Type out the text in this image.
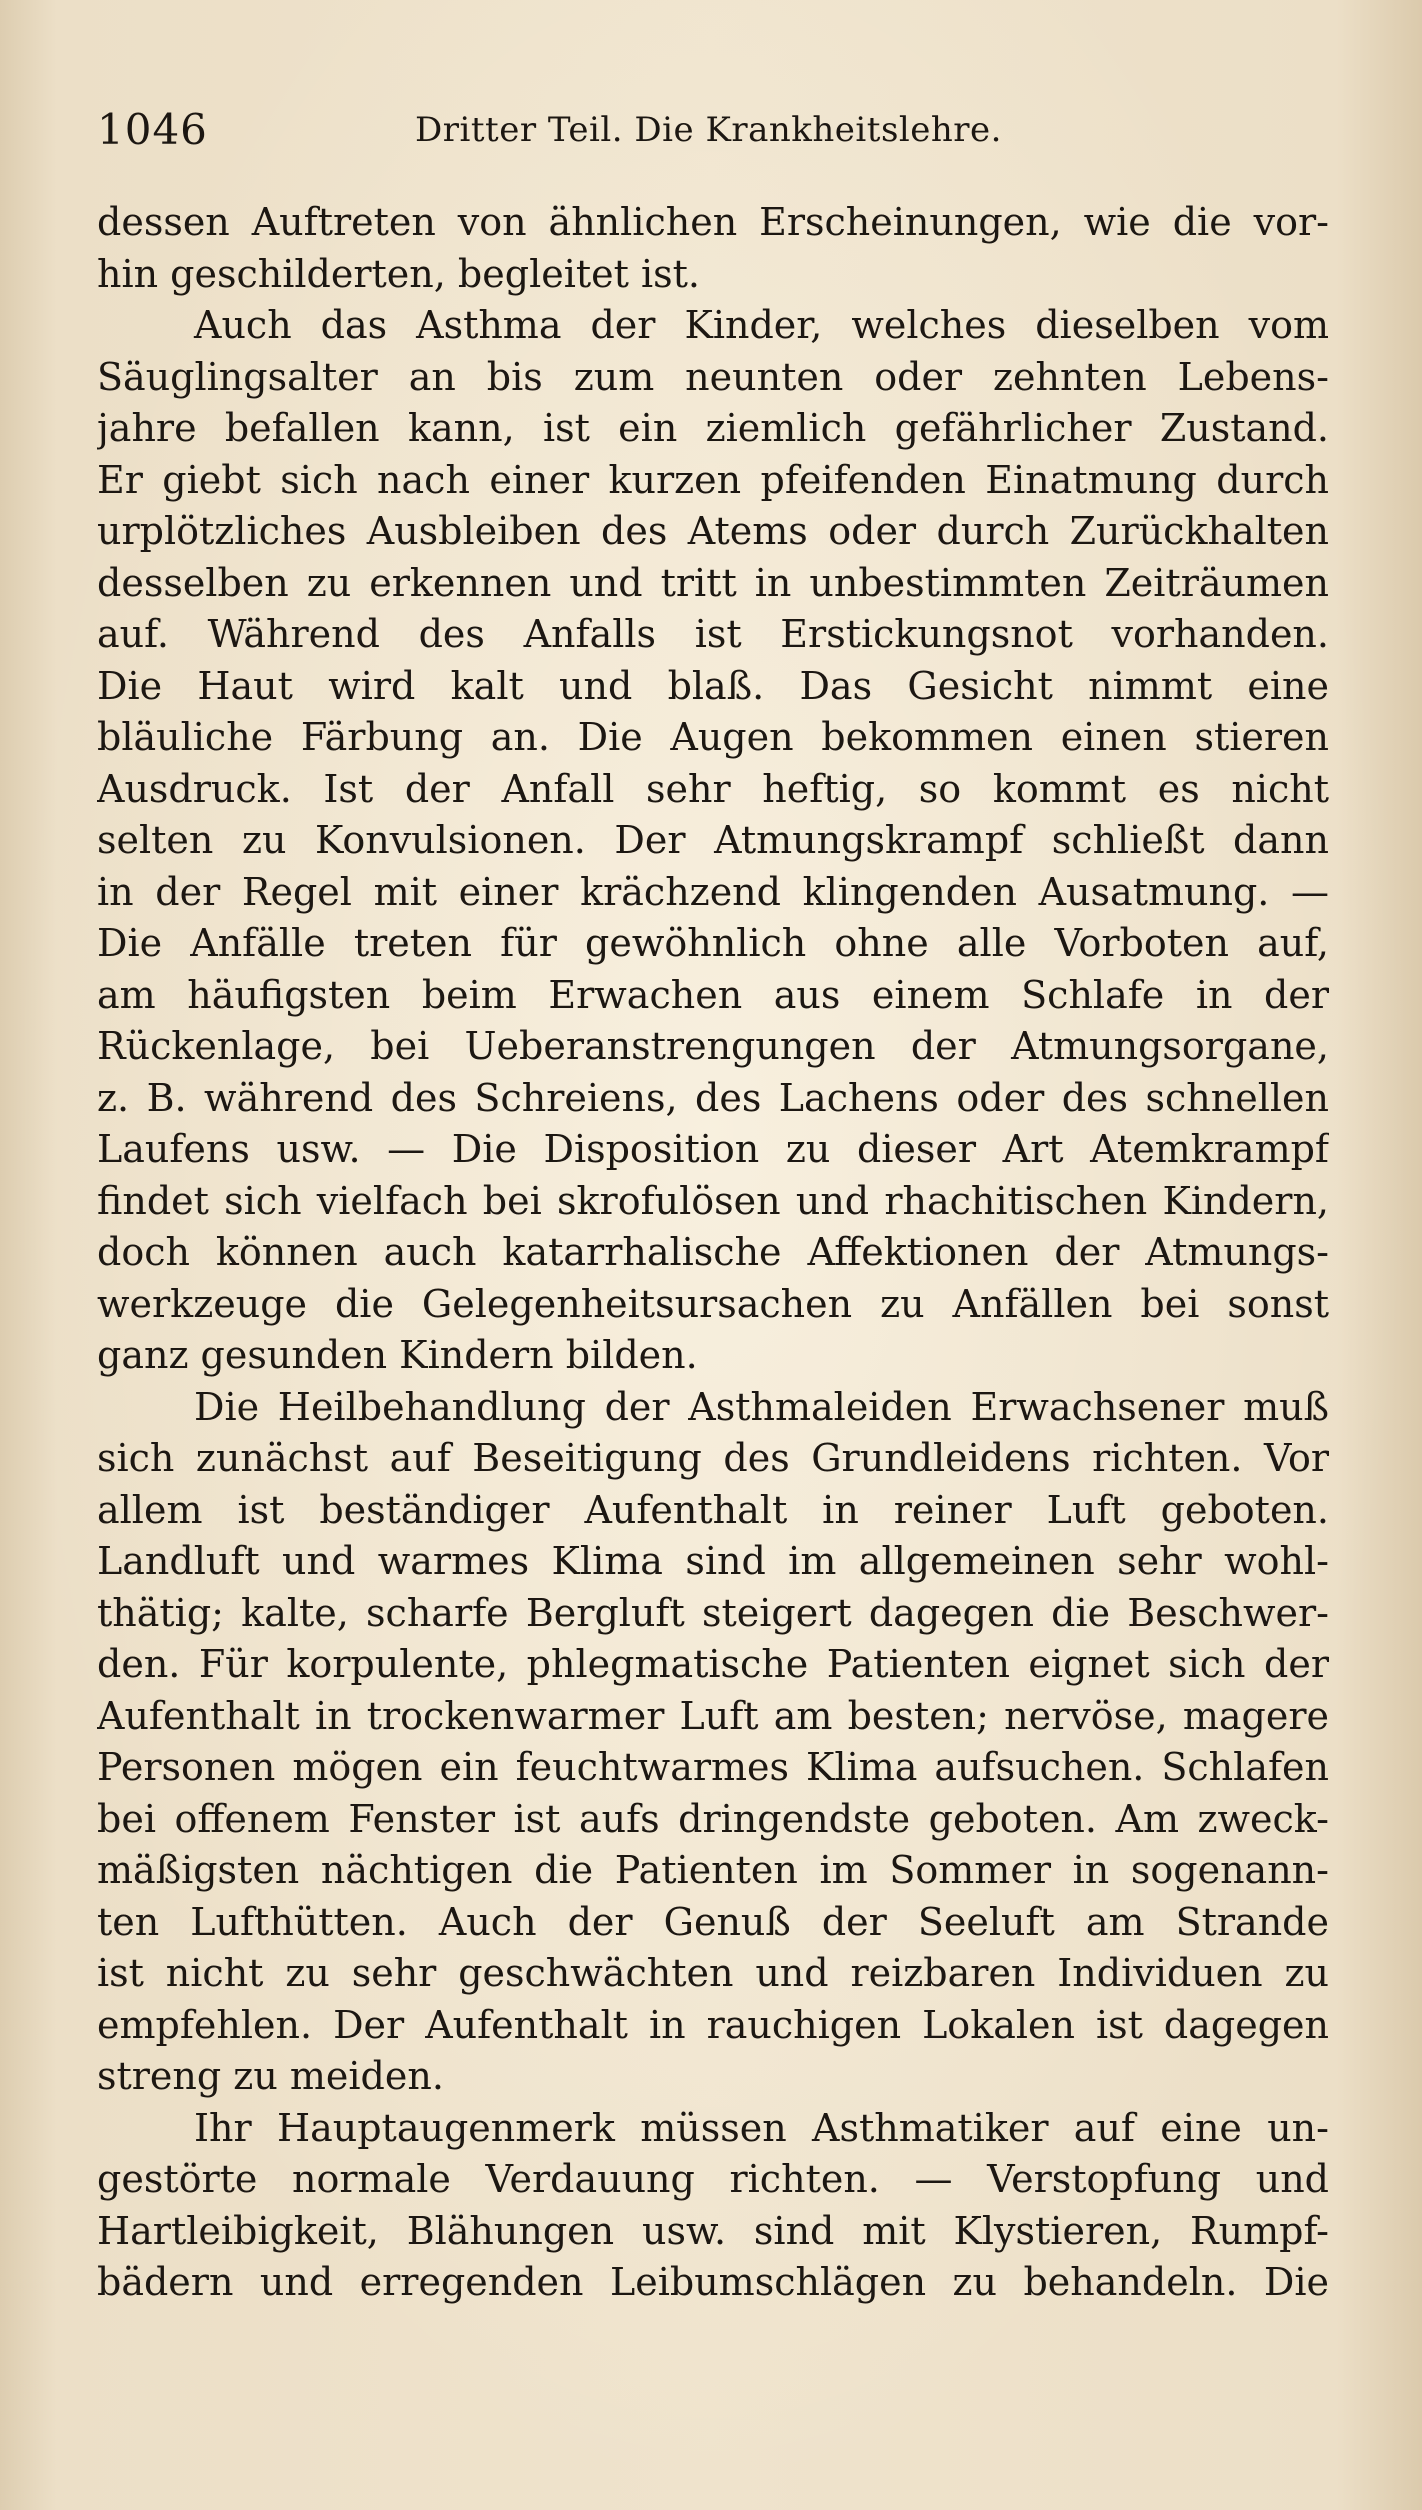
1046	Dritter Teil. Die Krankheitslehre.
dessen Auftreten von ähnlichen Erscheinungen, wie die vor-
hin geschilderten, begleitet ist.
Auch das Asthma der Kinder, welches dieselben vom
Säuglingsalter an bis zum neunten oder zehnten Lebens-
jahre befallen kann, ist ein ziemlich gefährlicher Zustand.
Er giebt sich nach einer kurzen pfeifenden Einatmung durch
urplötzliches Ausbleiben des Atems oder durch Zurückhalten
desselben zu erkennen und tritt in unbestimmten Zeiträumen
auf. Während des Anfalls ist Erstickungsnot vorhanden.
Die Haut wird kalt und blaß. Das Gesicht nimmt eine
bläuliche Färbung an. Die Augen bekommen einen stieren
Ausdruck. Ist der Anfall sehr heftig, so kommt es nicht
selten zu Konvulsionen. Der Atmungskrampf schließt dann
in der Regel mit einer krächzend klingenden Ausatmung. —
Die Anfälle treten für gewöhnlich ohne alle Vorboten auf,
am häufigsten beim Erwachen aus einem Schlafe in der
Rückenlage, bei Ueberanstrengungen der Atmungsorgane,
z. B. während des Schreiens, des Lachens oder des schnellen
Laufens usw. — Die Disposition zu dieser Art Atemkrampf
findet sich vielfach bei skrofulösen und rhachitischen Kindern,
doch können auch katarrhalische Affektionen der Atmungs-
werkzeuge die Gelegenheitsursachen zu Anfällen bei sonst
ganz gesunden Kindern bilden.
Die Heilbehandlung der Asthmaleiden Erwachsener muß
sich zunächst auf Beseitigung des Grundleidens richten. Vor
allem ist beständiger Aufenthalt in reiner Luft geboten.
Landluft und warmes Klima sind im allgemeinen sehr wohl-
thätig; kalte, scharfe Bergluft steigert dagegen die Beschwer-
den. Für korpulente, phlegmatische Patienten eignet sich der
Aufenthalt in trockenwarmer Luft am besten; nervöse, magere
Personen mögen ein feuchtwarmes Klima aufsuchen. Schlafen
bei offenem Fenster ist aufs dringendste geboten. Am zweck-
mäßigsten nächtigen die Patienten im Sommer in sogenann-
ten Lufthütten. Auch der Genuß der Seeluft am Strande
ist nicht zu sehr geschwächten und reizbaren Individuen zu
empfehlen. Der Aufenthalt in rauchigen Lokalen ist dagegen
streng zu meiden.
Ihr Hauptaugenmerk müssen Asthmatiker auf eine un-
gestörte normale Verdauung richten. — Verstopfung und
Hartleibigkeit, Blähungen usw. sind mit Klystieren, Rumpf-
bädern und erregenden Leibumschlägen zu behandeln. Die
